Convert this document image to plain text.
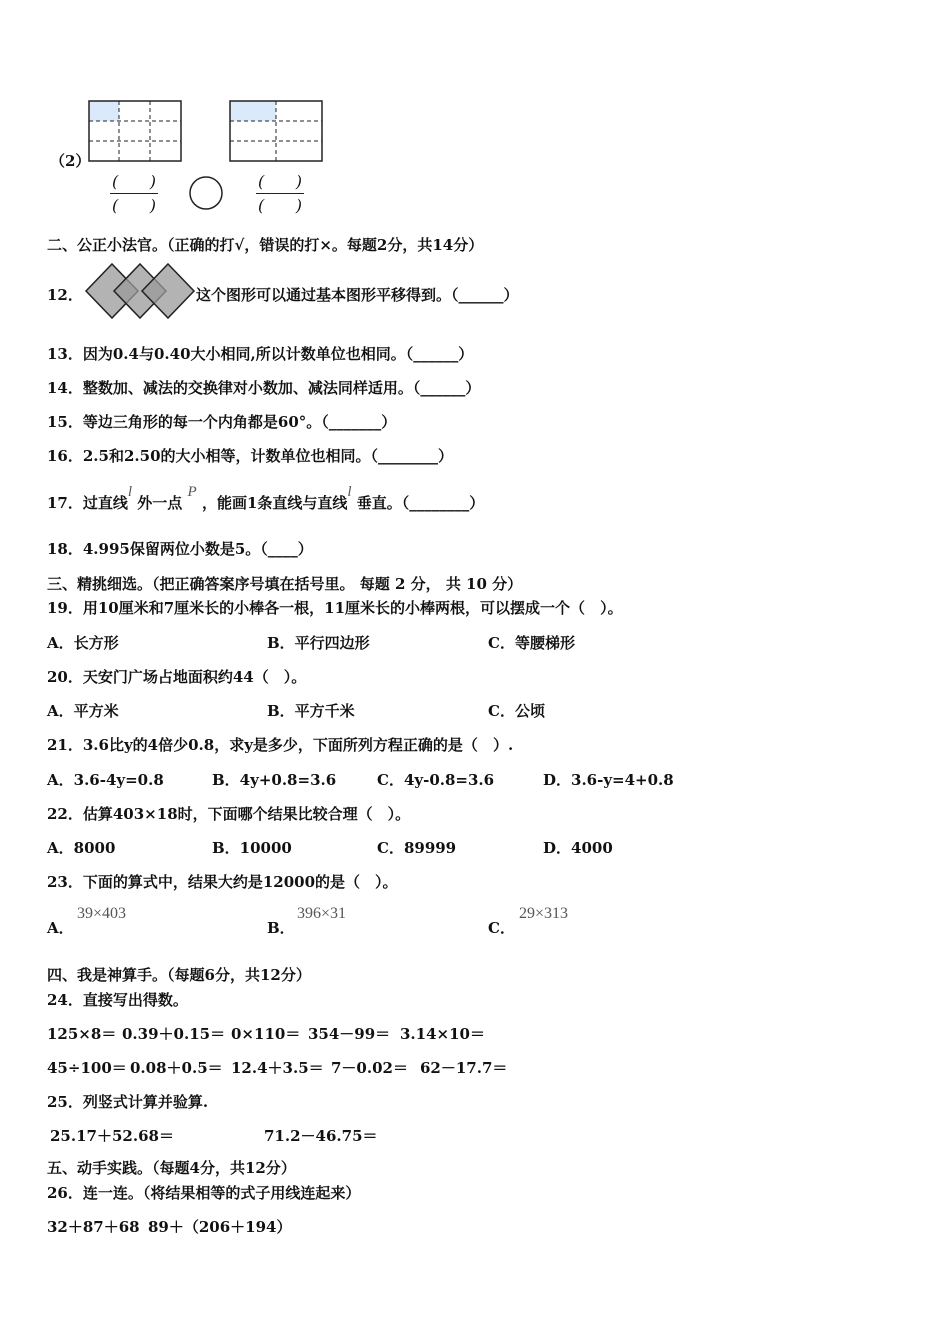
（2）
( )
( )
( )
( )
二、公正小法官。（正确的打√，错误的打×。每题2分，共14分）
12．	这个图形可以通过基本图形平移得到。（______）
13．因为0.4与0.40大小相同,所以计数单位也相同。（______）
14．整数加、减法的交换律对小数加、减法同样适用。（______）
15．等边三角形的每一个内角都是60°。（_______）
16．2.5和2.50的大小相等，计数单位也相同。（________）
17．过直线l 外一点 P ，能画1条直线与直线l 垂直。（________）
18．4.995保留两位小数是5。（____）
三、精挑细选。（把正确答案序号填在括号里。 每题 2 分， 共 10 分）
19．用10厘米和7厘米长的小棒各一根，11厘米长的小棒两根，可以摆成一个（　）。
A．长方形	B．平行四边形	C．等腰梯形
20．天安门广场占地面积约44（　）。
A．平方米	B．平方千米	C．公顷
21．3.6比y的4倍少0.8，求y是多少，下面所列方程正确的是（　）.
A．3.6-4y=0.8	B．4y+0.8=3.6	C．4y-0.8=3.6	D．3.6-y=4+0.8
22．估算403×18时，下面哪个结果比较合理（　）。
A．8000	B．10000	C．89999	D．4000
23．下面的算式中，结果大约是12000的是（　）。
A．
39×403
B．
396×31
C．
29×313
四、我是神算手。（每题6分，共12分）
24．直接写出得数。
125×8＝ 0.39＋0.15＝ 0×110＝ 354－99＝ 3.14×10＝
45÷100＝ 0.08＋0.5＝ 12.4＋3.5＝ 7－0.02＝ 62－17.7＝
25．列竖式计算并验算.
25.17＋52.68＝	71.2－46.75＝
五、动手实践。（每题4分，共12分）
26．连一连。（将结果相等的式子用线连起来）
32＋87＋68 89＋（206＋194）
